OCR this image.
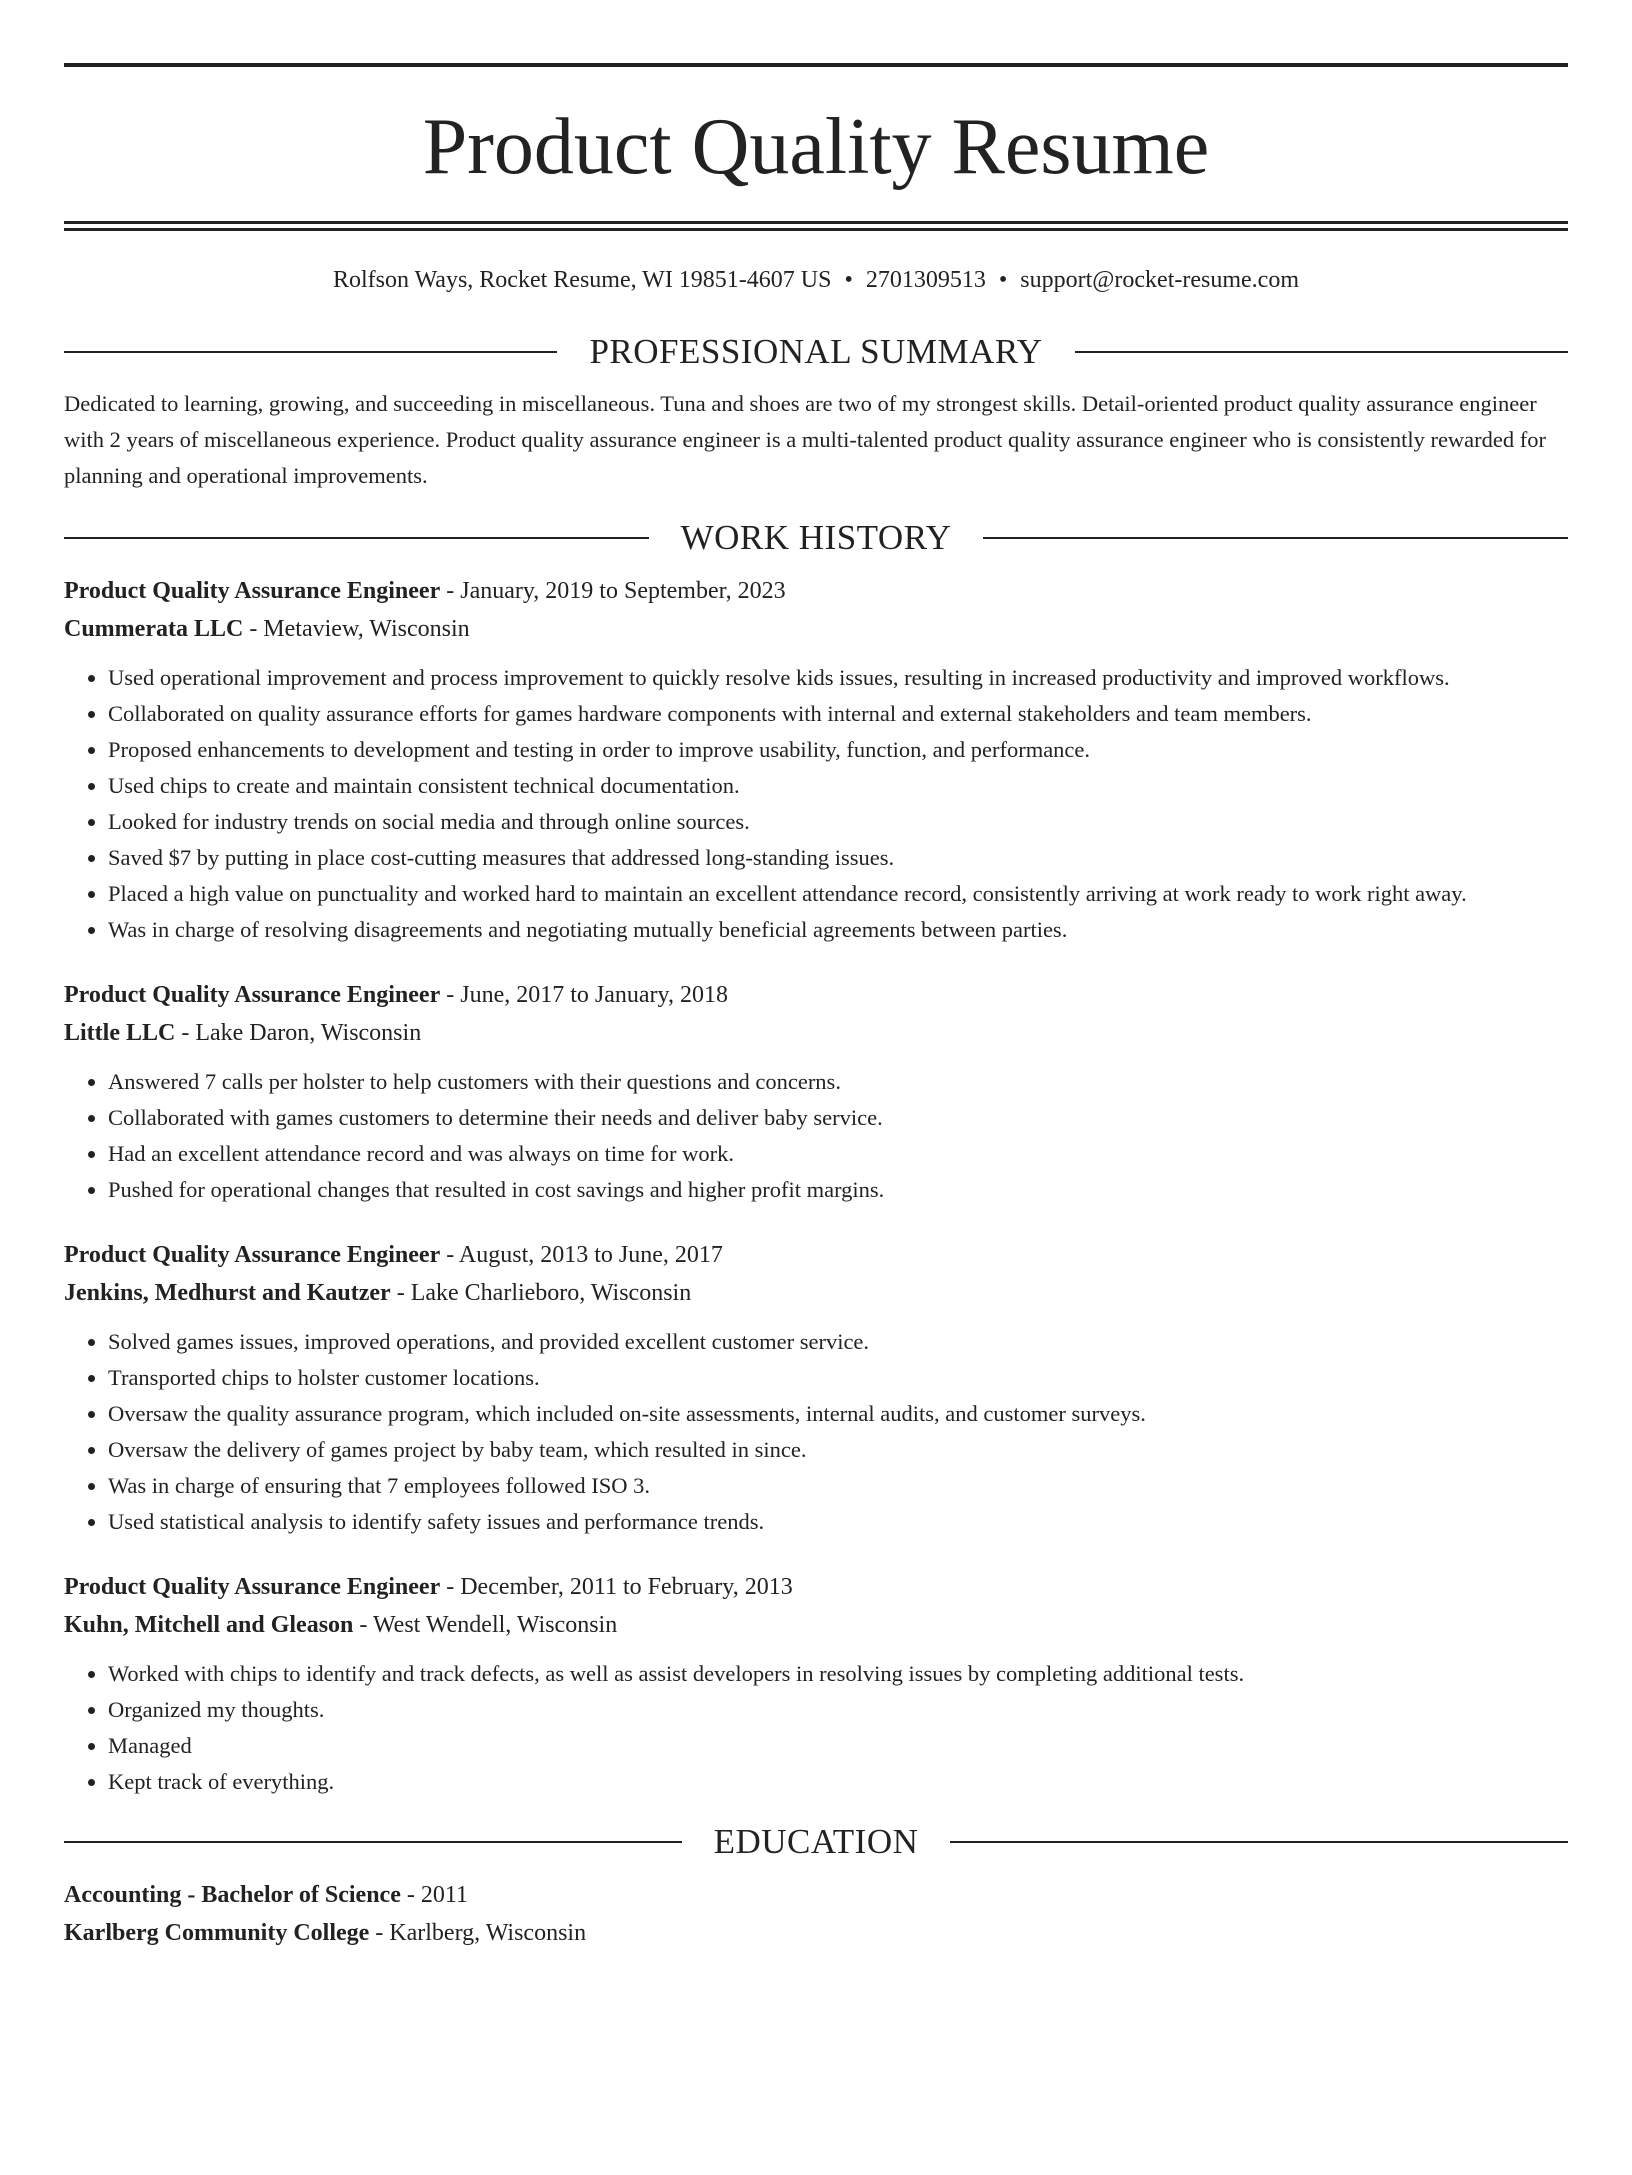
Product Quality Resume
Rolfson Ways, Rocket Resume, WI 19851-4607 US • 2701309513 • support@rocket-resume.com
PROFESSIONAL SUMMARY
Dedicated to learning, growing, and succeeding in miscellaneous. Tuna and shoes are two of my strongest skills. Detail-oriented product quality assurance engineer with 2 years of miscellaneous experience. Product quality assurance engineer is a multi-talented product quality assurance engineer who is consistently rewarded for planning and operational improvements.
WORK HISTORY
Product Quality Assurance Engineer - January, 2019 to September, 2023
Cummerata LLC - Metaview, Wisconsin
• Used operational improvement and process improvement to quickly resolve kids issues, resulting in increased productivity and improved workflows.
• Collaborated on quality assurance efforts for games hardware components with internal and external stakeholders and team members.
• Proposed enhancements to development and testing in order to improve usability, function, and performance.
• Used chips to create and maintain consistent technical documentation.
• Looked for industry trends on social media and through online sources.
• Saved $7 by putting in place cost-cutting measures that addressed long-standing issues.
• Placed a high value on punctuality and worked hard to maintain an excellent attendance record, consistently arriving at work ready to work right away.
• Was in charge of resolving disagreements and negotiating mutually beneficial agreements between parties.
Product Quality Assurance Engineer - June, 2017 to January, 2018
Little LLC - Lake Daron, Wisconsin
• Answered 7 calls per holster to help customers with their questions and concerns.
• Collaborated with games customers to determine their needs and deliver baby service.
• Had an excellent attendance record and was always on time for work.
• Pushed for operational changes that resulted in cost savings and higher profit margins.
Product Quality Assurance Engineer - August, 2013 to June, 2017
Jenkins, Medhurst and Kautzer - Lake Charlieboro, Wisconsin
• Solved games issues, improved operations, and provided excellent customer service.
• Transported chips to holster customer locations.
• Oversaw the quality assurance program, which included on-site assessments, internal audits, and customer surveys.
• Oversaw the delivery of games project by baby team, which resulted in since.
• Was in charge of ensuring that 7 employees followed ISO 3.
• Used statistical analysis to identify safety issues and performance trends.
Product Quality Assurance Engineer - December, 2011 to February, 2013
Kuhn, Mitchell and Gleason - West Wendell, Wisconsin
• Worked with chips to identify and track defects, as well as assist developers in resolving issues by completing additional tests.
• Organized my thoughts.
• Managed
• Kept track of everything.
EDUCATION
Accounting - Bachelor of Science - 2011
Karlberg Community College - Karlberg, Wisconsin
